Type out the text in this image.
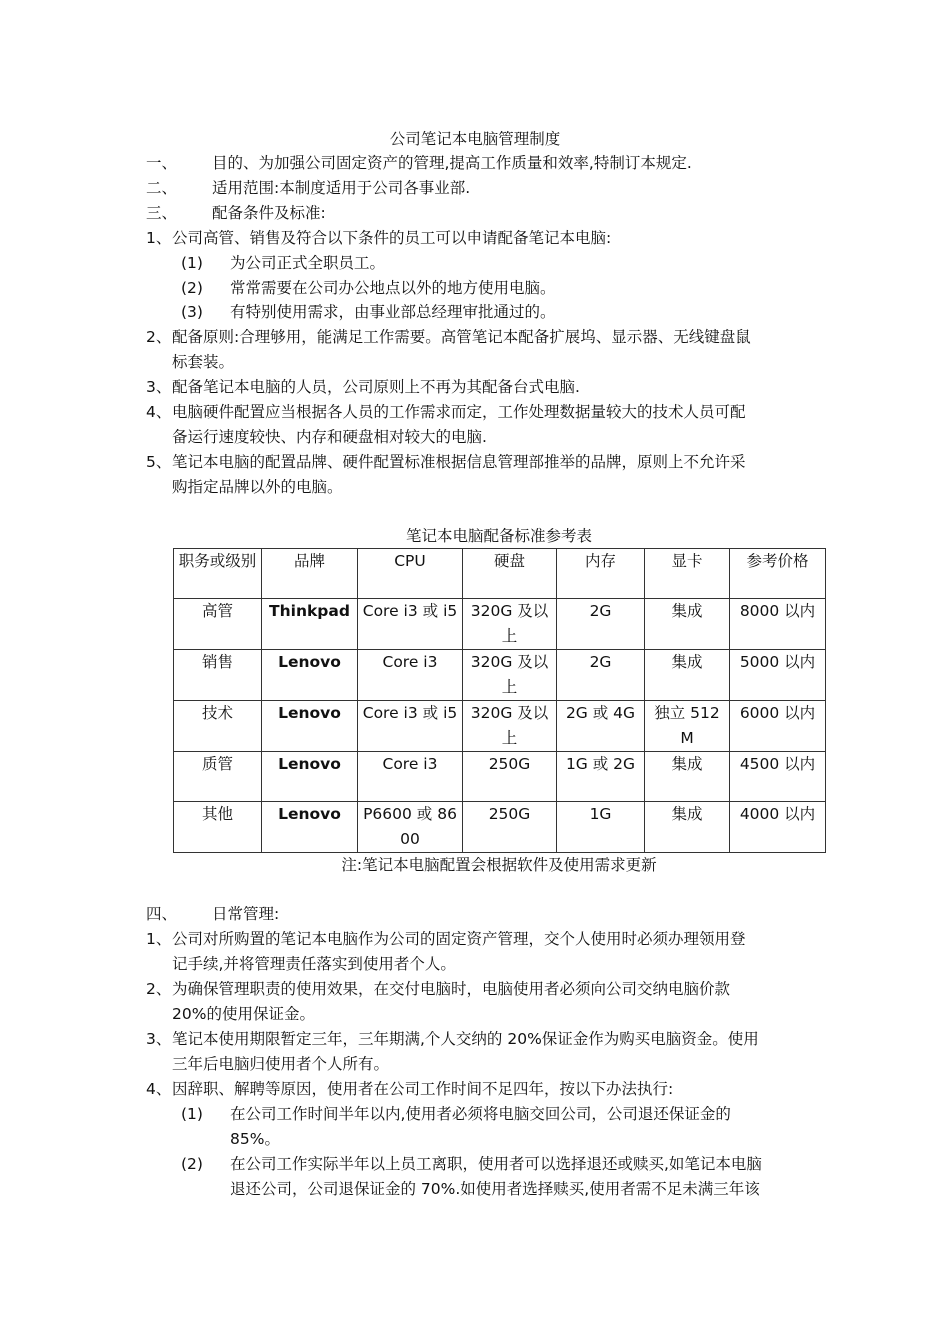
公司笔记本电脑管理制度
一、 目的、为加强公司固定资产的管理,提高工作质量和效率,特制订本规定.
二、 适用范围:本制度适用于公司各事业部.
三、 配备条件及标准:
1、 公司高管、销售及符合以下条件的员工可以申请配备笔记本电脑:
(1) 为公司正式全职员工。
(2) 常常需要在公司办公地点以外的地方使用电脑。
(3) 有特别使用需求，由事业部总经理审批通过的。
2、 配备原则:合理够用，能满足工作需要。高管笔记本配备扩展坞、显示器、无线键盘鼠
标套装。
3、 配备笔记本电脑的人员，公司原则上不再为其配备台式电脑.
4、 电脑硬件配置应当根据各人员的工作需求而定，工作处理数据量较大的技术人员可配
备运行速度较快、内存和硬盘相对较大的电脑.
5、 笔记本电脑的配置品牌、硬件配置标准根据信息管理部推举的品牌，原则上不允许采
购指定品牌以外的电脑。
笔记本电脑配备标准参考表
职务或级别	品牌	CPU	硬盘	内存	显卡	参考价格
高管	Thinkpad	Core i3 或 i5	320G 及以上	2G	集成	8000 以内
销售	Lenovo	Core i3	320G 及以上	2G	集成	5000 以内
技术	Lenovo	Core i3 或 i5	320G 及以上	2G 或 4G	独立 512M	6000 以内
质管	Lenovo	Core i3	250G	1G 或 2G	集成	4500 以内
其他	Lenovo	P6600 或 8600	250G	1G	集成	4000 以内
注:笔记本电脑配置会根据软件及使用需求更新
四、 日常管理:
1、 公司对所购置的笔记本电脑作为公司的固定资产管理，交个人使用时必须办理领用登
记手续,并将管理责任落实到使用者个人。
2、 为确保管理职责的使用效果，在交付电脑时，电脑使用者必须向公司交纳电脑价款
20%的使用保证金。
3、 笔记本使用期限暂定三年，三年期满,个人交纳的 20%保证金作为购买电脑资金。使用
三年后电脑归使用者个人所有。
4、 因辞职、解聘等原因，使用者在公司工作时间不足四年，按以下办法执行:
(1) 在公司工作时间半年以内,使用者必须将电脑交回公司，公司退还保证金的
85%。
(2) 在公司工作实际半年以上员工离职，使用者可以选择退还或赎买,如笔记本电脑
退还公司，公司退保证金的 70%.如使用者选择赎买,使用者需不足未满三年该
